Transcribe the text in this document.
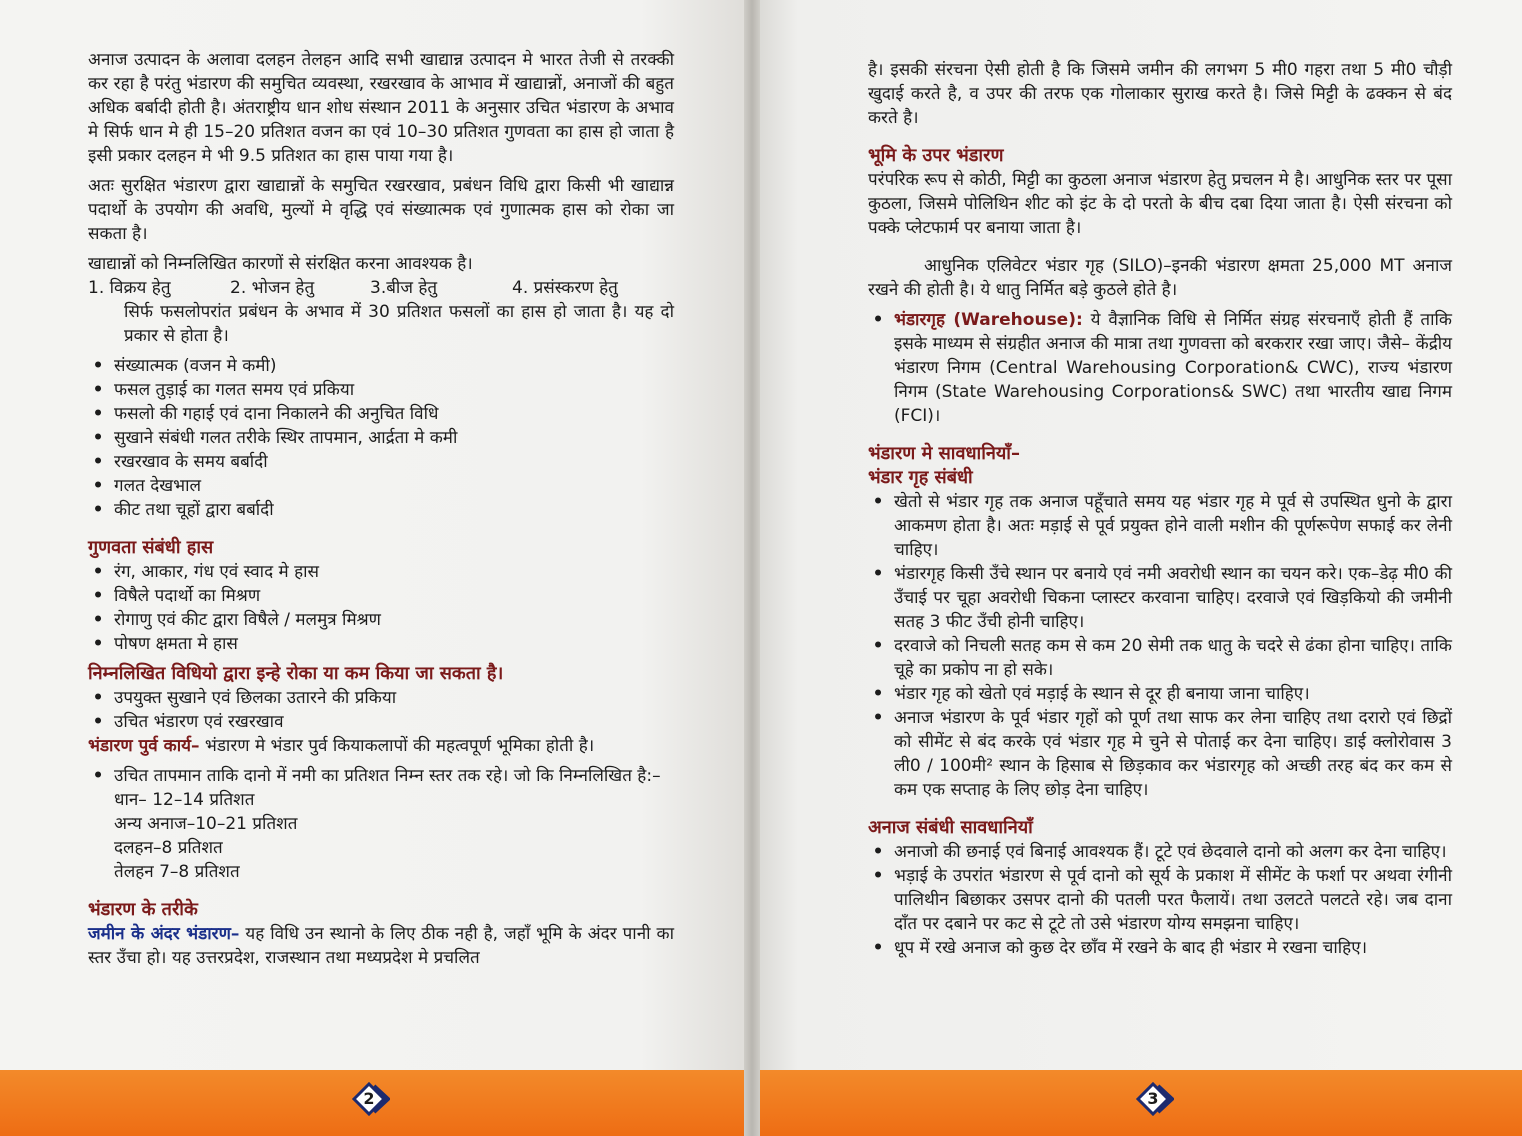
अनाज उत्पादन के अलावा दलहन तेलहन आदि सभी खाद्यान्न उत्पादन मे भारत तेजी से तरक्की कर रहा है परंतु भंडारण की समुचित व्यवस्था, रखरखाव के आभाव में खाद्यान्नों, अनाजों की बहुत अधिक बर्बादी होती है। अंतराष्ट्रीय धान शोध संस्थान 2011 के अनुसार उचित भंडारण के अभाव मे सिर्फ धान मे ही 15–20 प्रतिशत वजन का एवं 10–30 प्रतिशत गुणवता का हास हो जाता है इसी प्रकार दलहन मे भी 9.5 प्रतिशत का हास पाया गया है।

अतः सुरक्षित भंडारण द्वारा खाद्यान्नों के समुचित रखरखाव, प्रबंधन विधि द्वारा किसी भी खाद्यान्न पदार्थो के उपयोग की अवधि, मुल्यों मे वृद्धि एवं संख्यात्मक एवं गुणात्मक हास को रोका जा सकता है।

खाद्यान्नों को निम्नलिखित कारणों से संरक्षित करना आवश्यक है।

1. विक्रय हेतु	2. भोजन हेतु	3.बीज हेतु	4. प्रसंस्करण हेतु

सिर्फ फसलोपरांत प्रबंधन के अभाव में 30 प्रतिशत फसलों का हास हो जाता है। यह दो प्रकार से होता है।

• संख्यात्मक (वजन मे कमी)
• फसल तुड़ाई का गलत समय एवं प्रकिया
• फसलो की गहाई एवं दाना निकालने की अनुचित विधि
• सुखाने संबंधी गलत तरीके स्थिर तापमान, आर्द्रता मे कमी
• रखरखाव के समय बर्बादी
• गलत देखभाल
• कीट तथा चूहों द्वारा बर्बादी
गुणवता संबंधी हास
• रंग, आकार, गंध एवं स्वाद मे हास
• विषैले पदार्थो का मिश्रण
• रोगाणु एवं कीट द्वारा विषैले / मलमुत्र मिश्रण
• पोषण क्षमता मे हास
निम्नलिखित विधियो द्वारा इन्हे रोका या कम किया जा सकता है।
• उपयुक्त सुखाने एवं छिलका उतारने की प्रकिया
• उचित भंडारण एवं रखरखाव

भंडारण पुर्व कार्य– भंडारण मे भंडार पुर्व कियाकलापों की महत्वपूर्ण भूमिका होती है।

• उचित तापमान ताकि दानो में नमी का प्रतिशत निम्न स्तर तक रहे। जो कि निम्नलिखित है:–
धान– 12–14 प्रतिशत
अन्य अनाज–10–21 प्रतिशत
दलहन–8 प्रतिशत
तेलहन 7–8 प्रतिशत
भंडारण के तरीके

जमीन के अंदर भंडारण– यह विधि उन स्थानो के लिए ठीक नही है, जहाँ भूमि के अंदर पानी का स्तर उँचा हो। यह उत्तरप्रदेश, राजस्थान तथा मध्यप्रदेश मे प्रचलित

2

है। इसकी संरचना ऐसी होती है कि जिसमे जमीन की लगभग 5 मी0 गहरा तथा 5 मी0 चौड़ी खुदाई करते है, व उपर की तरफ एक गोलाकार सुराख करते है। जिसे मिट्टी के ढक्कन से बंद करते है।

भूमि के उपर भंडारण

परंपरिक रूप से कोठी, मिट्टी का कुठला अनाज भंडारण हेतु प्रचलन मे है। आधुनिक स्तर पर पूसा कुठला, जिसमे पोलिथिन शीट को इंट के दो परतो के बीच दबा दिया जाता है। ऐसी संरचना को पक्के प्लेटफार्म पर बनाया जाता है।

आधुनिक एलिवेटर भंडार गृह (SILO)–इनकी भंडारण क्षमता 25,000 MT अनाज रखने की होती है। ये धातु निर्मित बड़े कुठले होते है।

• भंडारगृह (Warehouse): ये वैज्ञानिक विधि से निर्मित संग्रह संरचनाएँ होती हैं ताकि इसके माध्यम से संग्रहीत अनाज की मात्रा तथा गुणवत्ता को बरकरार रखा जाए। जैसे– केंद्रीय भंडारण निगम (Central Warehousing Corporation& CWC), राज्य भंडारण निगम (State Warehousing Corporations& SWC) तथा भारतीय खाद्य निगम (FCI)।
भंडारण मे सावधानियाँ–
भंडार गृह संबंधी
• खेतो से भंडार गृह तक अनाज पहूँचाते समय यह भंडार गृह मे पूर्व से उपस्थित धुनो के द्वारा आकमण होता है। अतः मड़ाई से पूर्व प्रयुक्त होने वाली मशीन की पूर्णरूपेण सफाई कर लेनी चाहिए।
• भंडारगृह किसी उँचे स्थान पर बनाये एवं नमी अवरोधी स्थान का चयन करे। एक–डेढ़ मी0 की उँचाई पर चूहा अवरोधी चिकना प्लास्टर करवाना चाहिए। दरवाजे एवं खिड़कियो की जमीनी सतह 3 फीट उँची होनी चाहिए।
• दरवाजे को निचली सतह कम से कम 20 सेमी तक धातु के चदरे से ढंका होना चाहिए। ताकि चूहे का प्रकोप ना हो सके।
• भंडार गृह को खेतो एवं मड़ाई के स्थान से दूर ही बनाया जाना चाहिए।
• अनाज भंडारण के पूर्व भंडार गृहों को पूर्ण तथा साफ कर लेना चाहिए तथा दरारो एवं छिद्रों को सीमेंट से बंद करके एवं भंडार गृह मे चुने से पोताई कर देना चाहिए। डाई क्लोरोवास 3 ली0 / 100मी² स्थान के हिसाब से छिड़काव कर भंडारगृह को अच्छी तरह बंद कर कम से कम एक सप्ताह के लिए छोड़ देना चाहिए।
अनाज संबंधी सावधानियाँ
• अनाजो की छनाई एवं बिनाई आवश्यक हैं। टूटे एवं छेदवाले दानो को अलग कर देना चाहिए।
• भड़ाई के उपरांत भंडारण से पूर्व दानो को सूर्य के प्रकाश में सीमेंट के फर्शा पर अथवा रंगीनी पालिथीन बिछाकर उसपर दानो की पतली परत फैलायें। तथा उलटते पलटते रहे। जब दाना दाँत पर दबाने पर कट से टूटे तो उसे भंडारण योग्य समझना चाहिए।
• धूप में रखे अनाज को कुछ देर छाँव में रखने के बाद ही भंडार मे रखना चाहिए।
3
